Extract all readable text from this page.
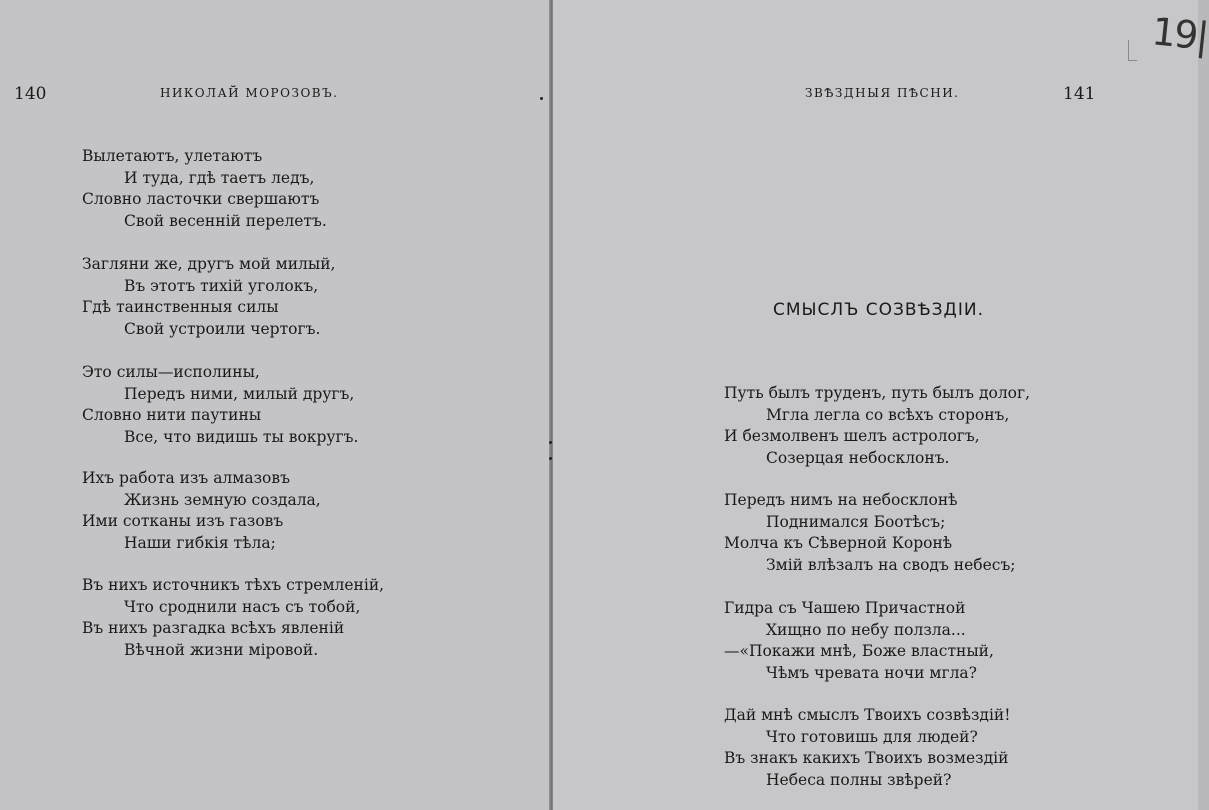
140	НИКОЛАЙ МОРОЗОВЪ.
Вылетаютъ, улетаютъ
И туда, гдѣ таетъ ледъ,
Словно ласточки свершаютъ
Свой весенній перелетъ.
Загляни же, другъ мой милый,
Въ этотъ тихій уголокъ,
Гдѣ таинственныя силы
Свой устроили чертогъ.
Это силы—исполины,
Передъ ними, милый другъ,
Словно нити паутины
Все, что видишь ты вокругъ.
Ихъ работа изъ алмазовъ
Жизнь земную создала,
Ими сотканы изъ газовъ
Наши гибкія тѣла;
Въ нихъ источникъ тѣхъ стремленій,
Что сроднили насъ съ тобой,
Въ нихъ разгадка всѣхъ явленій
Вѣчной жизни міровой.
ЗВѢЗДНЫЯ ПѢСНИ.	141
СМЫСЛЪ СОЗВѢЗДІИ.
Путь былъ труденъ, путь былъ долог,
Мгла легла со всѣхъ сторонъ,
И безмолвенъ шелъ астрологъ,
Созерцая небосклонъ.
Передъ нимъ на небосклонѣ
Поднимался Боотѣсъ;
Молча къ Сѣверной Коронѣ
Змій влѣзалъ на сводъ небесъ;
Гидра съ Чашею Причастной
Хищно по небу ползла...
—«Покажи мнѣ, Боже властный,
Чѣмъ чревата ночи мгла?
Дай мнѣ смыслъ Твоихъ созвѣздій!
Что готовишь для людей?
Въ знакъ какихъ Твоихъ возмездій
Небеса полны звѣрей?
19|
